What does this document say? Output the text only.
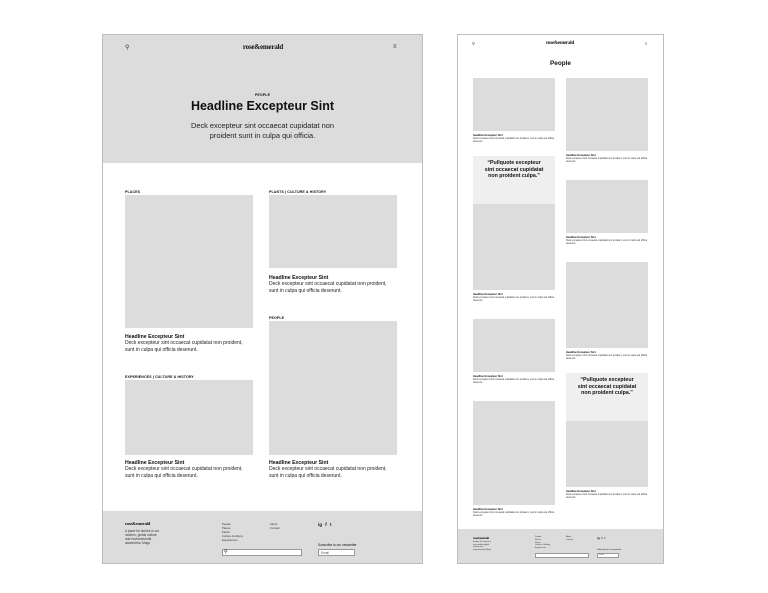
⚲	rose&emerald	≡
PEOPLE
Headline Excepteur Sint
Deck excepteur sint occaecat cupidatat non proident sunt in culpa qui officia.
PLACES
Headline Excepteur Sint
Deck excepteur sint occaecat cupidatat non proident, sunt in culpa qui officia deserunt.
PLANTS | CULTURE & HISTORY
Headline Excepteur Sint
Deck excepteur sint occaecat cupidatat non proident, sunt in culpa qui officia deserunt.
PEOPLE
Headline Excepteur Sint
Deck excepteur sint occaecat cupidatat non proident, sunt in culpa qui officia deserunt.
EXPERIENCES | CULTURE & HISTORY
Headline Excepteur Sint
Deck excepteur sint occaecat cupidatat non proident, sunt in culpa qui officia deserunt.
rose&emerald
A place for stories in our modern, global culture, and environmental awareness. Magz
People
Places
Plants
Culture & History
Experiences
About
Contact
ig f t
⚲
Subscribe to our newsletter
Email
⚲	rose&emerald	≡
People
Headline Excepteur Sint
Deck excepteur sint occaecat cupidatat non proident, sunt in culpa qui officia deserunt.
“Pullquote excepteur sint occaecat cupidatat non proident culpa.”
Headline Excepteur Sint
Deck excepteur sint occaecat cupidatat non proident, sunt in culpa qui officia deserunt.
Headline Excepteur Sint
Deck excepteur sint occaecat cupidatat non proident, sunt in culpa qui officia deserunt.
Headline Excepteur Sint
Deck excepteur sint occaecat cupidatat non proident, sunt in culpa qui officia deserunt.
Headline Excepteur Sint
Deck excepteur sint occaecat cupidatat non proident, sunt in culpa qui officia deserunt.
Headline Excepteur Sint
Deck excepteur sint occaecat cupidatat non proident, sunt in culpa qui officia deserunt.
Headline Excepteur Sint
Deck excepteur sint occaecat cupidatat non proident, sunt in culpa qui officia deserunt.
“Pullquote excepteur sint occaecat cupidatat non proident culpa.”
Headline Excepteur Sint
Deck excepteur sint occaecat cupidatat non proident, sunt in culpa qui officia deserunt.
rose&emerald
A place for stories in our modern global culture and environmental Magz
People
Places
Plants
Culture & History
Experiences
About
Contact	ig f t
Subscribe to our newsletter
Email
